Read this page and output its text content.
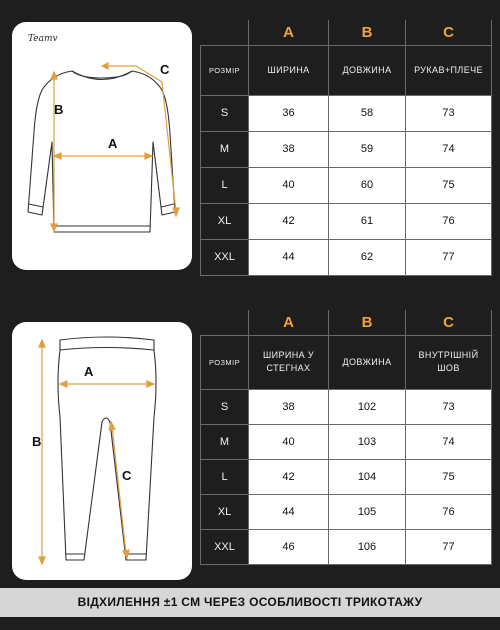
Teamv
B
A
C
	A	B	C
РОЗМІР	ШИРИНА	ДОВЖИНА	РУКАВ+ПЛЕЧЕ
S	36	58	73
M	38	59	74
L	40	60	75
XL	42	61	76
XXL	44	62	77
B
A
C
	A	B	C
РОЗМІР	ШИРИНА У СТЕГНАХ	ДОВЖИНА	ВНУТРІШНІЙ ШОВ
S	38	102	73
M	40	103	74
L	42	104	75
XL	44	105	76
XXL	46	106	77
ВІДХИЛЕННЯ ±1 СМ ЧЕРЕЗ ОСОБЛИВОСТІ ТРИКОТАЖУ
